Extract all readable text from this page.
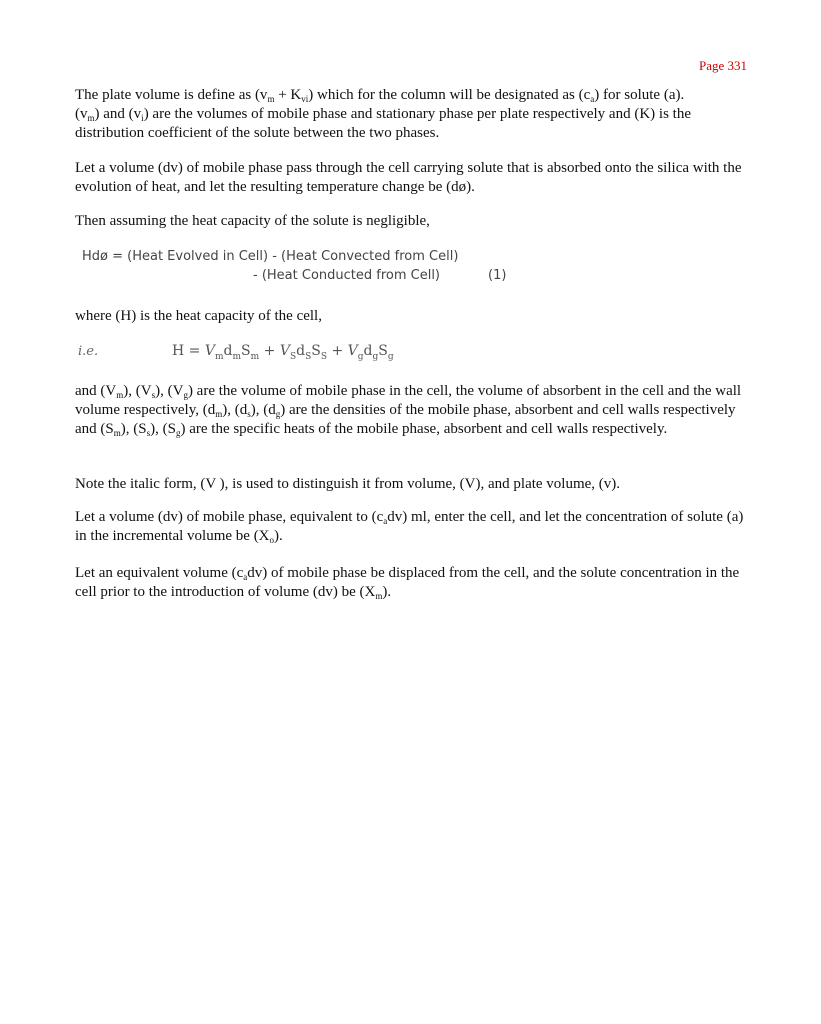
Page 331

The plate volume is define as $(v_m + K_{vi})$ which for the column will be designated as $(c_a)$ for solute (a).
$(v_m)$ and $(v_i)$ are the volumes of mobile phase and stationary phase per plate respectively and (K) is the distribution coefficient of the solute between the two phases.

Let a volume (dv) of mobile phase pass through the cell carrying solute that is absorbed onto the silica with the evolution of heat, and let the resulting temperature change be (dø).

Then assuming the heat capacity of the solute is negligible,

Hdø = (Heat Evolved in Cell) - (Heat Convected from Cell)
- (Heat Conducted from Cell)	(1)

where (H) is the heat capacity of the cell,

i.e.	$H = V_md_mS_m + V_Sd_SS_S + V_gd_gS_g$

and $(V_m)$, $(V_s)$, $(V_g)$ are the volume of mobile phase in the cell, the volume of absorbent in the cell and the wall volume respectively, $(d_m)$, $(d_s)$, $(d_g)$ are the densities of the mobile phase, absorbent and cell walls respectively and $(S_m)$, $(S_s)$, $(S_g)$ are the specific heats of the mobile phase, absorbent and cell walls respectively.

Note the italic form, (V ), is used to distinguish it from volume, (V), and plate volume, (v).

Let a volume (dv) of mobile phase, equivalent to $(c_adv)$ ml, enter the cell, and let the concentration of solute (a) in the incremental volume be $(X_o)$.

Let an equivalent volume $(c_adv)$ of mobile phase be displaced from the cell, and the solute concentration in the cell prior to the introduction of volume (dv) be $(X_m)$.
